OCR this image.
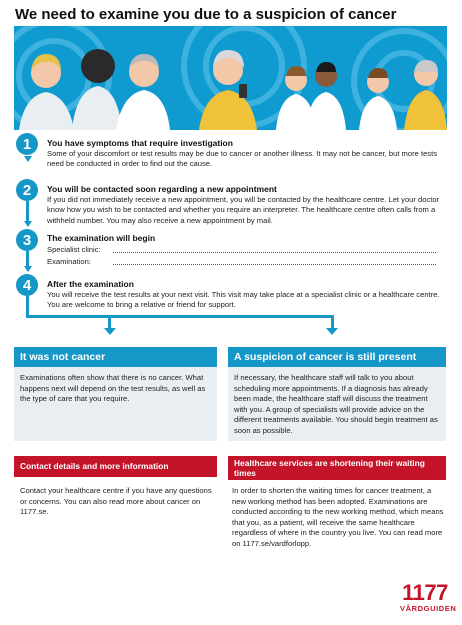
We need to examine you due to a suspicion of cancer
1	You have symptoms that require investigation
Some of your discomfort or test results may be due to cancer or another illness. It may not be cancer, but more tests need be conducted in order to find out the cause.
2	You will be contacted soon regarding a new appointment
If you did not immediately receive a new appointment, you will be contacted by the healthcare centre. Let your doctor know how you wish to be contacted and whether you require an interpreter. The healthcare centre often calls from a withheld number. You may also receive a new appointment by mail.
3	The examination will begin
Specialist clinic:
Examination:
4	After the examination
You will receive the test results at your next visit. This visit may take place at a specialist clinic or a healthcare centre. You are welcome to bring a relative or friend for support.
It was not cancer
Examinations often show that there is no cancer. What happens next will depend on the test results, as well as the type of care that you require.
A suspicion of cancer is still present
If necessary, the healthcare staff will talk to you about scheduling more appointments. If a diagnosis has already been made, the healthcare staff will discuss the treatment with you. A group of specialists will provide advice on the different treatments available. You should begin treatment as soon as possible.
Contact details and more information
Contact your healthcare centre if you have any questions or concerns. You can also read more about cancer on 1177.se.
Healthcare services are shortening their waiting times
In order to shorten the waiting times for cancer treatment, a new working method has been adopted. Examinations are conducted according to the new working method, which means that you, as a patient, will receive the same healthcare regardless of where in the country you live. You can read more on 1177.se/vardforlopp.
1177
VÅRDGUIDEN
